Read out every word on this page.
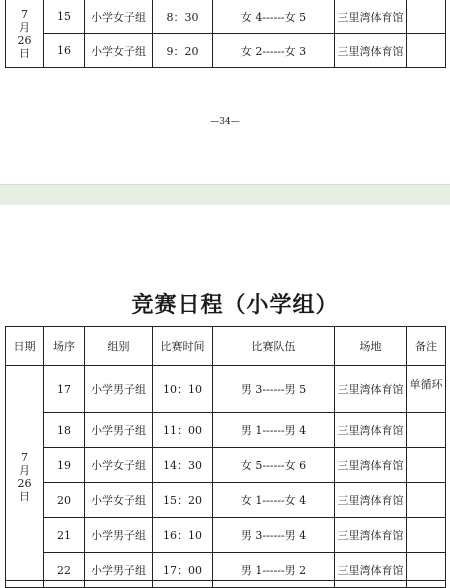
7
月
26
日	15	小学女子组	8：30	女 4------女 5	三里湾体育馆	
	16	小学女子组	9：20	女 2------女 3	三里湾体育馆	
—34—
竞赛日程（小学组）
日期	场序	组别	比赛时间	比赛队伍	场地	备注

7
月
26
日	17	小学男子组	10：10	男 3------男 5	三里湾体育馆	单循环
	18	小学男子组	11：00	男 1------男 4	三里湾体育馆	
	19	小学女子组	14：30	女 5------女 6	三里湾体育馆	
	20	小学女子组	15：20	女 1------女 4	三里湾体育馆	
	21	小学男子组	16：10	男 3------男 4	三里湾体育馆	
	22	小学男子组	17：00	男 1------男 2	三里湾体育馆	
